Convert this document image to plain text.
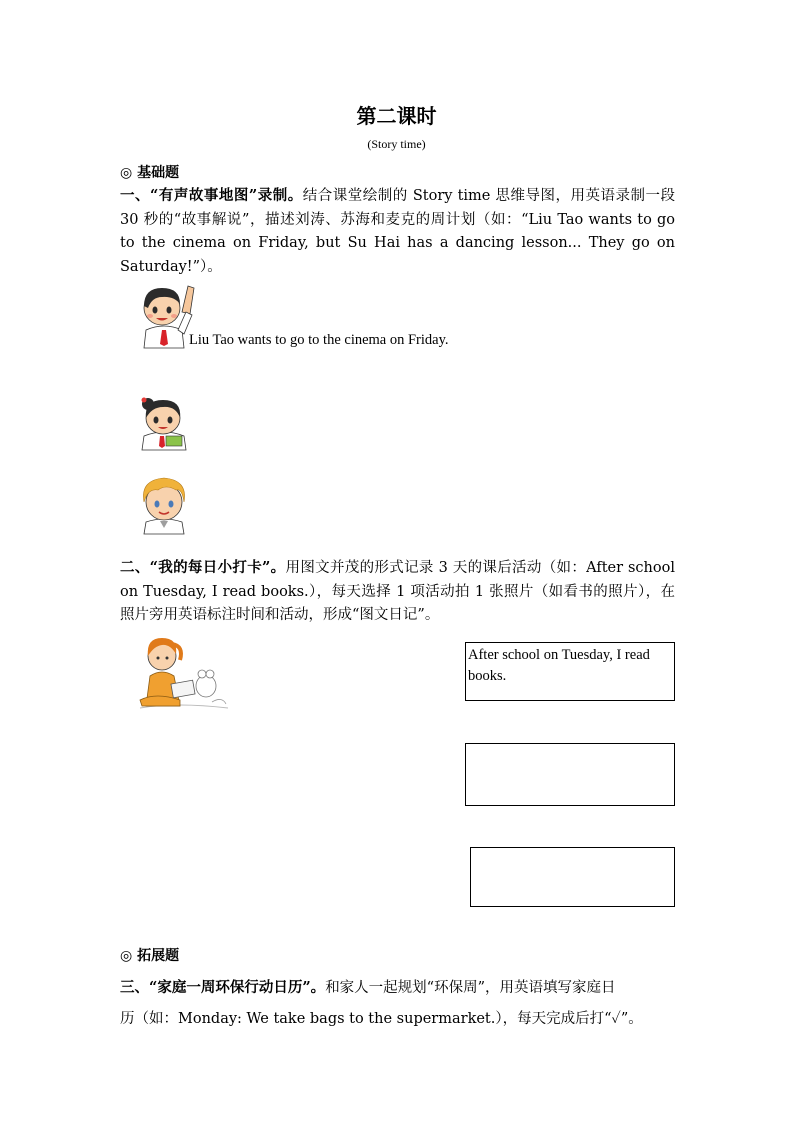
第二课时
(Story time)
◎ 基础题
一、“有声故事地图”录制。结合课堂绘制的 Story time 思维导图，用英语录制一段 30 秒的“故事解说”，描述刘涛、苏海和麦克的周计划（如：“Liu Tao wants to go to the cinema on Friday, but Su Hai has a dancing lesson... They go on Saturday!”）。
Liu Tao wants to go to the cinema on Friday.
二、“我的每日小打卡”。用图文并茂的形式记录 3 天的课后活动（如：After school on Tuesday, I read books.），每天选择 1 项活动拍 1 张照片（如看书的照片），在照片旁用英语标注时间和活动，形成“图文日记”。
After school on Tuesday, I read books.
◎ 拓展题
三、“家庭一周环保行动日历”。和家人一起规划“环保周”，用英语填写家庭日
历（如：Monday: We take bags to the supermarket.），每天完成后打“✓”。
